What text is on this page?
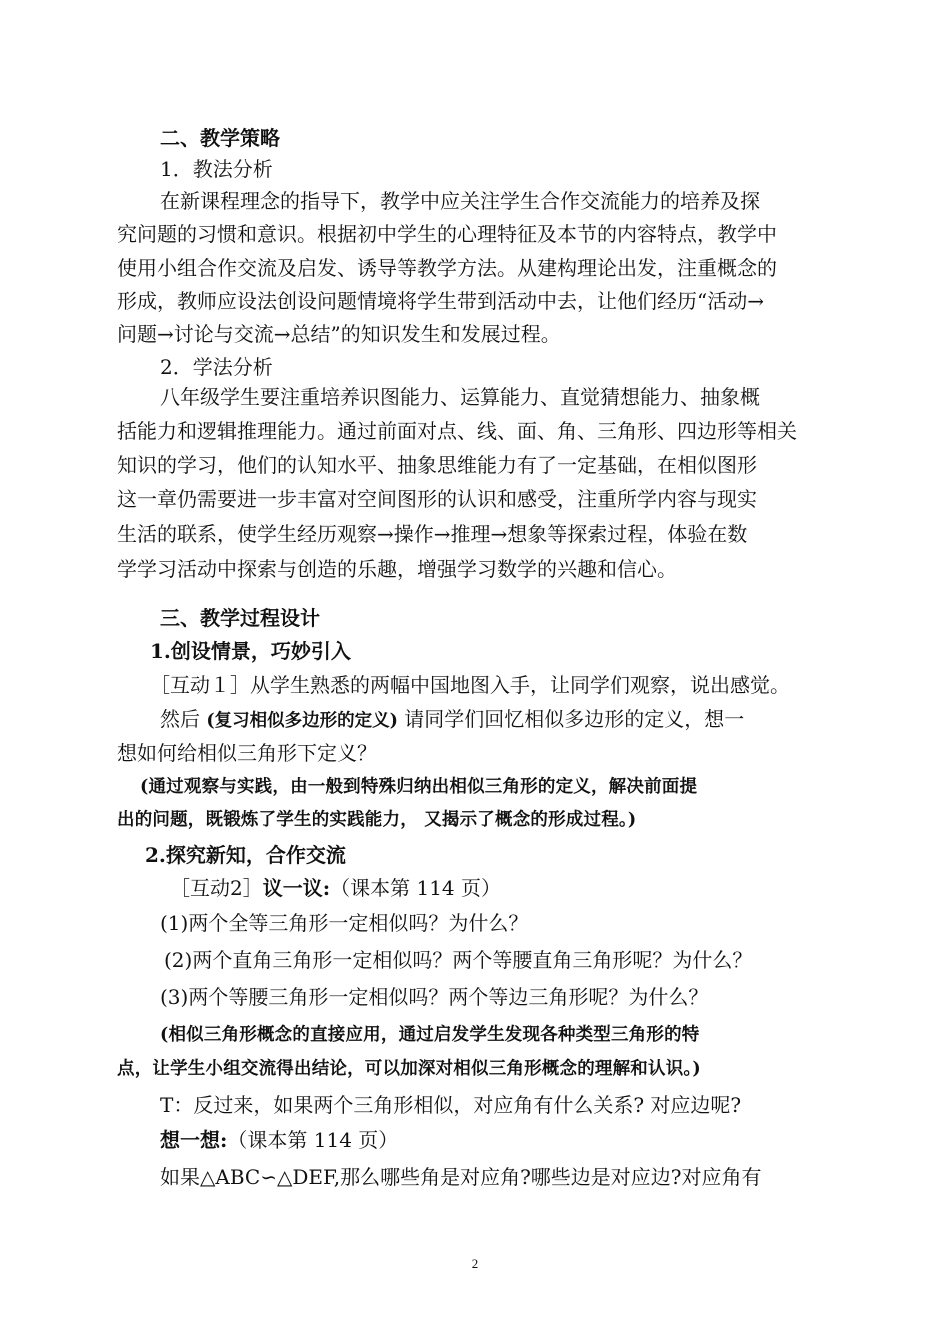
二、教学策略
1．教法分析
在新课程理念的指导下，教学中应关注学生合作交流能力的培养及探
究问题的习惯和意识。根据初中学生的心理特征及本节的内容特点，教学中
使用小组合作交流及启发、诱导等教学方法。从建构理论出发，注重概念的
形成，教师应设法创设问题情境将学生带到活动中去，让他们经历“活动→
问题→讨论与交流→总结”的知识发生和发展过程。
2．学法分析
八年级学生要注重培养识图能力、运算能力、直觉猜想能力、抽象概
括能力和逻辑推理能力。通过前面对点、线、面、角、三角形、四边形等相关
知识的学习，他们的认知水平、抽象思维能力有了一定基础，在相似图形
这一章仍需要进一步丰富对空间图形的认识和感受，注重所学内容与现实
生活的联系，使学生经历观察→操作→推理→想象等探索过程，体验在数
学学习活动中探索与创造的乐趣，增强学习数学的兴趣和信心。
三、教学过程设计
1.创设情景，巧妙引入
［互动１］从学生熟悉的两幅中国地图入手，让同学们观察，说出感觉。
然后 (复习相似多边形的定义) 请同学们回忆相似多边形的定义，想一
想如何给相似三角形下定义？
(通过观察与实践，由一般到特殊归纳出相似三角形的定义，解决前面提
出的问题，既锻炼了学生的实践能力， 又揭示了概念的形成过程。)
2.探究新知，合作交流
［互动2］议一议:（课本第 114 页）
(1)两个全等三角形一定相似吗？为什么？
(2)两个直角三角形一定相似吗？两个等腰直角三角形呢？为什么？
(3)两个等腰三角形一定相似吗？两个等边三角形呢？为什么？
(相似三角形概念的直接应用，通过启发学生发现各种类型三角形的特
点，让学生小组交流得出结论，可以加深对相似三角形概念的理解和认识。)
T：反过来，如果两个三角形相似，对应角有什么关系? 对应边呢?
想一想:（课本第 114 页）
如果△ABC∽△DEF,那么哪些角是对应角?哪些边是对应边?对应角有
2
